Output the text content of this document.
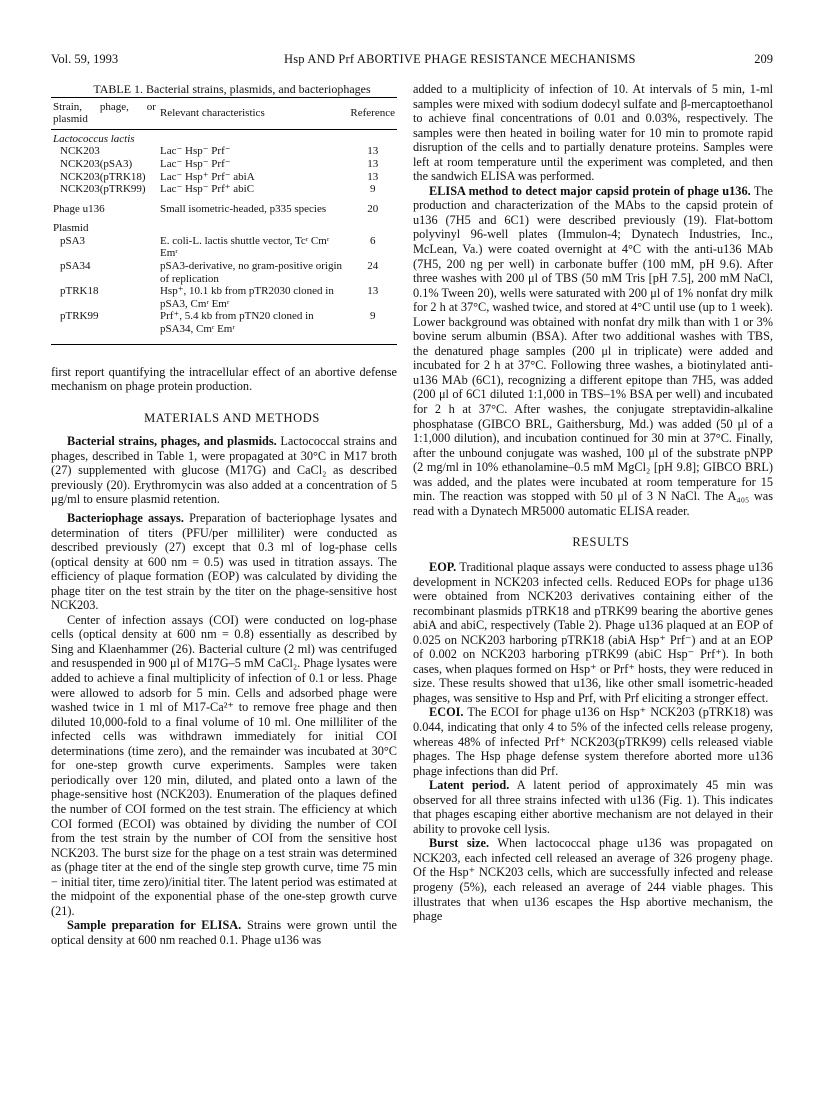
Vol. 59, 1993	Hsp AND Prf ABORTIVE PHAGE RESISTANCE MECHANISMS	209

TABLE 1. Bacterial strains, plasmids, and bacteriophages

Strain, phage, or plasmid	Relevant characteristics	Reference
Lactococcus lactis		
NCK203	Lac⁻ Hsp⁻ Prf⁻	13
NCK203(pSA3)	Lac⁻ Hsp⁻ Prf⁻	13
NCK203(pTRK18)	Lac⁻ Hsp⁺ Prf⁻ abiA	13
NCK203(pTRK99)	Lac⁻ Hsp⁻ Prf⁺ abiC	9

Phage u136	Small isometric-headed, p335 species	20

Plasmid		
pSA3	E. coli-L. lactis shuttle vector, Tcʳ Cmʳ Emʳ	6
pSA34	pSA3-derivative, no gram-positive origin of replication	24
pTRK18	Hsp⁺, 10.1 kb from pTR2030 cloned in pSA3, Cmʳ Emʳ	13
pTRK99	Prf⁺, 5.4 kb from pTN20 cloned in pSA34, Cmʳ Emʳ	9

first report quantifying the intracellular effect of an abortive defense mechanism on phage protein production.

MATERIALS AND METHODS

Bacterial strains, phages, and plasmids. Lactococcal strains and phages, described in Table 1, were propagated at 30°C in M17 broth (27) supplemented with glucose (M17G) and CaCl₂ as described previously (20). Erythromycin was also added at a concentration of 5 μg/ml to ensure plasmid retention.

Bacteriophage assays. Preparation of bacteriophage lysates and determination of titers (PFU/per milliliter) were conducted as described previously (27) except that 0.3 ml of log-phase cells (optical density at 600 nm = 0.5) was used in titration assays. The efficiency of plaque formation (EOP) was calculated by dividing the phage titer on the test strain by the titer on the phage-sensitive host NCK203.

Center of infection assays (COI) were conducted on log-phase cells (optical density at 600 nm = 0.8) essentially as described by Sing and Klaenhammer (26). Bacterial culture (2 ml) was centrifuged and resuspended in 900 μl of M17G–5 mM CaCl₂. Phage lysates were added to achieve a final multiplicity of infection of 0.1 or less. Phage were allowed to adsorb for 5 min. Cells and adsorbed phage were washed twice in 1 ml of M17-Ca²⁺ to remove free phage and then diluted 10,000-fold to a final volume of 10 ml. One milliliter of the infected cells was withdrawn immediately for initial COI determinations (time zero), and the remainder was incubated at 30°C for one-step growth curve experiments. Samples were taken periodically over 120 min, diluted, and plated onto a lawn of the phage-sensitive host (NCK203). Enumeration of the plaques defined the number of COI formed on the test strain. The efficiency at which COI formed (ECOI) was obtained by dividing the number of COI from the test strain by the number of COI from the sensitive host NCK203. The burst size for the phage on a test strain was determined as (phage titer at the end of the single step growth curve, time 75 min − initial titer, time zero)/initial titer. The latent period was estimated at the midpoint of the exponential phase of the one-step growth curve (21).

Sample preparation for ELISA. Strains were grown until the optical density at 600 nm reached 0.1. Phage u136 was

added to a multiplicity of infection of 10. At intervals of 5 min, 1-ml samples were mixed with sodium dodecyl sulfate and β-mercaptoethanol to achieve final concentrations of 0.01 and 0.03%, respectively. The samples were then heated in boiling water for 10 min to promote rapid disruption of the cells and to partially denature proteins. Samples were left at room temperature until the experiment was completed, and then the sandwich ELISA was performed.

ELISA method to detect major capsid protein of phage u136. The production and characterization of the MAbs to the capsid protein of u136 (7H5 and 6C1) were described previously (19). Flat-bottom polyvinyl 96-well plates (Immulon-4; Dynatech Industries, Inc., McLean, Va.) were coated overnight at 4°C with the anti-u136 MAb (7H5, 200 ng per well) in carbonate buffer (100 mM, pH 9.6). After three washes with 200 μl of TBS (50 mM Tris [pH 7.5], 200 mM NaCl, 0.1% Tween 20), wells were saturated with 200 μl of 1% nonfat dry milk for 2 h at 37°C, washed twice, and stored at 4°C until use (up to 1 week). Lower background was obtained with nonfat dry milk than with 1 or 3% bovine serum albumin (BSA). After two additional washes with TBS, the denatured phage samples (200 μl in triplicate) were added and incubated for 2 h at 37°C. Following three washes, a biotinylated anti-u136 MAb (6C1), recognizing a different epitope than 7H5, was added (200 μl of 6C1 diluted 1:1,000 in TBS–1% BSA per well) and incubated for 2 h at 37°C. After washes, the conjugate streptavidin-alkaline phosphatase (GIBCO BRL, Gaithersburg, Md.) was added (50 μl of a 1:1,000 dilution), and incubation continued for 30 min at 37°C. Finally, after the unbound conjugate was washed, 100 μl of the substrate pNPP (2 mg/ml in 10% ethanolamine–0.5 mM MgCl₂ [pH 9.8]; GIBCO BRL) was added, and the plates were incubated at room temperature for 15 min. The reaction was stopped with 50 μl of 3 N NaCl. The A₄₀₅ was read with a Dynatech MR5000 automatic ELISA reader.

RESULTS

EOP. Traditional plaque assays were conducted to assess phage u136 development in NCK203 infected cells. Reduced EOPs for phage u136 were obtained from NCK203 derivatives containing either of the recombinant plasmids pTRK18 and pTRK99 bearing the abortive genes abiA and abiC, respectively (Table 2). Phage u136 plaqued at an EOP of 0.025 on NCK203 harboring pTRK18 (abiA Hsp⁺ Prf⁻) and at an EOP of 0.002 on NCK203 harboring pTRK99 (abiC Hsp⁻ Prf⁺). In both cases, when plaques formed on Hsp⁺ or Prf⁺ hosts, they were reduced in size. These results showed that u136, like other small isometric-headed phages, was sensitive to Hsp and Prf, with Prf eliciting a stronger effect.

ECOI. The ECOI for phage u136 on Hsp⁺ NCK203 (pTRK18) was 0.044, indicating that only 4 to 5% of the infected cells release progeny, whereas 48% of infected Prf⁺ NCK203(pTRK99) cells released viable phages. The Hsp phage defense system therefore aborted more u136 phage infections than did Prf.

Latent period. A latent period of approximately 45 min was observed for all three strains infected with u136 (Fig. 1). This indicates that phages escaping either abortive mechanism are not delayed in their ability to provoke cell lysis.

Burst size. When lactococcal phage u136 was propagated on NCK203, each infected cell released an average of 326 progeny phage. Of the Hsp⁺ NCK203 cells, which are successfully infected and release progeny (5%), each released an average of 244 viable phages. This illustrates that when u136 escapes the Hsp abortive mechanism, the phage
